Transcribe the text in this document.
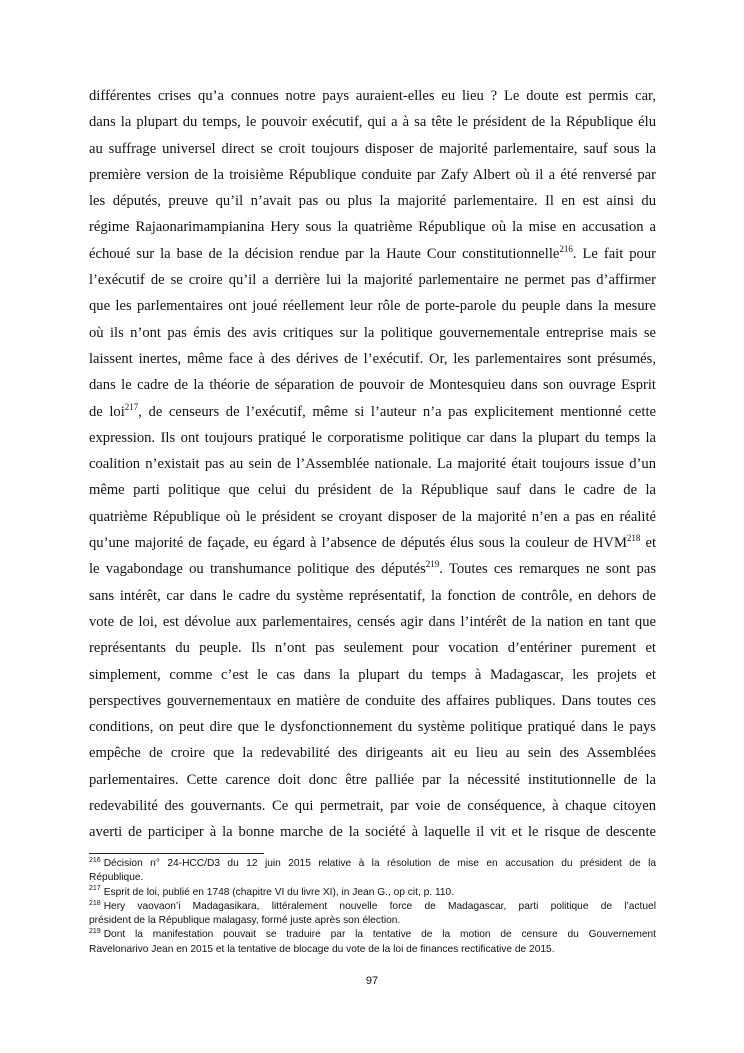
différentes crises qu’a connues notre pays auraient-elles eu lieu ? Le doute est permis car,
dans la plupart du temps, le pouvoir exécutif, qui a à sa tête le président de la République élu
au suffrage universel direct se croit toujours disposer de majorité parlementaire, sauf sous la
première version de la troisième République conduite par Zafy Albert où il a été renversé par
les députés, preuve qu’il n’avait pas ou plus la majorité parlementaire. Il en est ainsi du
régime Rajaonarimampianina Hery sous la quatrième République où la mise en accusation a
échoué sur la base de la décision rendue par la Haute Cour constitutionnelle$^{216}$. Le fait pour
l’exécutif de se croire qu’il a derrière lui la majorité parlementaire ne permet pas d’affirmer
que les parlementaires ont joué réellement leur rôle de porte-parole du peuple dans la mesure
où ils n’ont pas émis des avis critiques sur la politique gouvernementale entreprise mais se
laissent inertes, même face à des dérives de l’exécutif. Or, les parlementaires sont présumés,
dans le cadre de la théorie de séparation de pouvoir de Montesquieu dans son ouvrage Esprit
de loi$^{217}$, de censeurs de l’exécutif, même si l’auteur n’a pas explicitement mentionné cette
expression. Ils ont toujours pratiqué le corporatisme politique car dans la plupart du temps la
coalition n’existait pas au sein de l’Assemblée nationale. La majorité était toujours issue d’un
même parti politique que celui du président de la République sauf dans le cadre de la
quatrième République où le président se croyant disposer de la majorité n’en a pas en réalité
qu’une majorité de façade, eu égard à l’absence de députés élus sous la couleur de HVM$^{218}$ et
le vagabondage ou transhumance politique des députés$^{219}$. Toutes ces remarques ne sont pas
sans intérêt, car dans le cadre du système représentatif, la fonction de contrôle, en dehors de
vote de loi, est dévolue aux parlementaires, censés agir dans l’intérêt de la nation en tant que
représentants du peuple. Ils n’ont pas seulement pour vocation d’entériner purement et
simplement, comme c’est le cas dans la plupart du temps à Madagascar, les projets et
perspectives gouvernementaux en matière de conduite des affaires publiques. Dans toutes ces
conditions, on peut dire que le dysfonctionnement du système politique pratiqué dans le pays
empêche de croire que la redevabilité des dirigeants ait eu lieu au sein des Assemblées
parlementaires. Cette carence doit donc être palliée par la nécessité institutionnelle de la
redevabilité des gouvernants. Ce qui permetrait, par voie de conséquence, à chaque citoyen
averti de participer à la bonne marche de la société à laquelle il vit et le risque de descente
$^{216}$ Décision n° 24-HCC/D3 du 12 juin 2015 relative à la résolution de mise en accusation du président de la
République.
$^{217}$ Esprit de loi, publié en 1748 (chapitre VI du livre XI), in Jean G., op cit, p. 110.
$^{218}$ Hery vaovaon’i Madagasikara, littéralement nouvelle force de Madagascar, parti politique de l’actuel
président de la République malagasy, formé juste après son élection.
$^{219}$ Dont la manifestation pouvait se traduire par la tentative de la motion de censure du Gouvernement
Ravelonarivo Jean en 2015 et la tentative de blocage du vote de la loi de finances rectificative de 2015.
97
